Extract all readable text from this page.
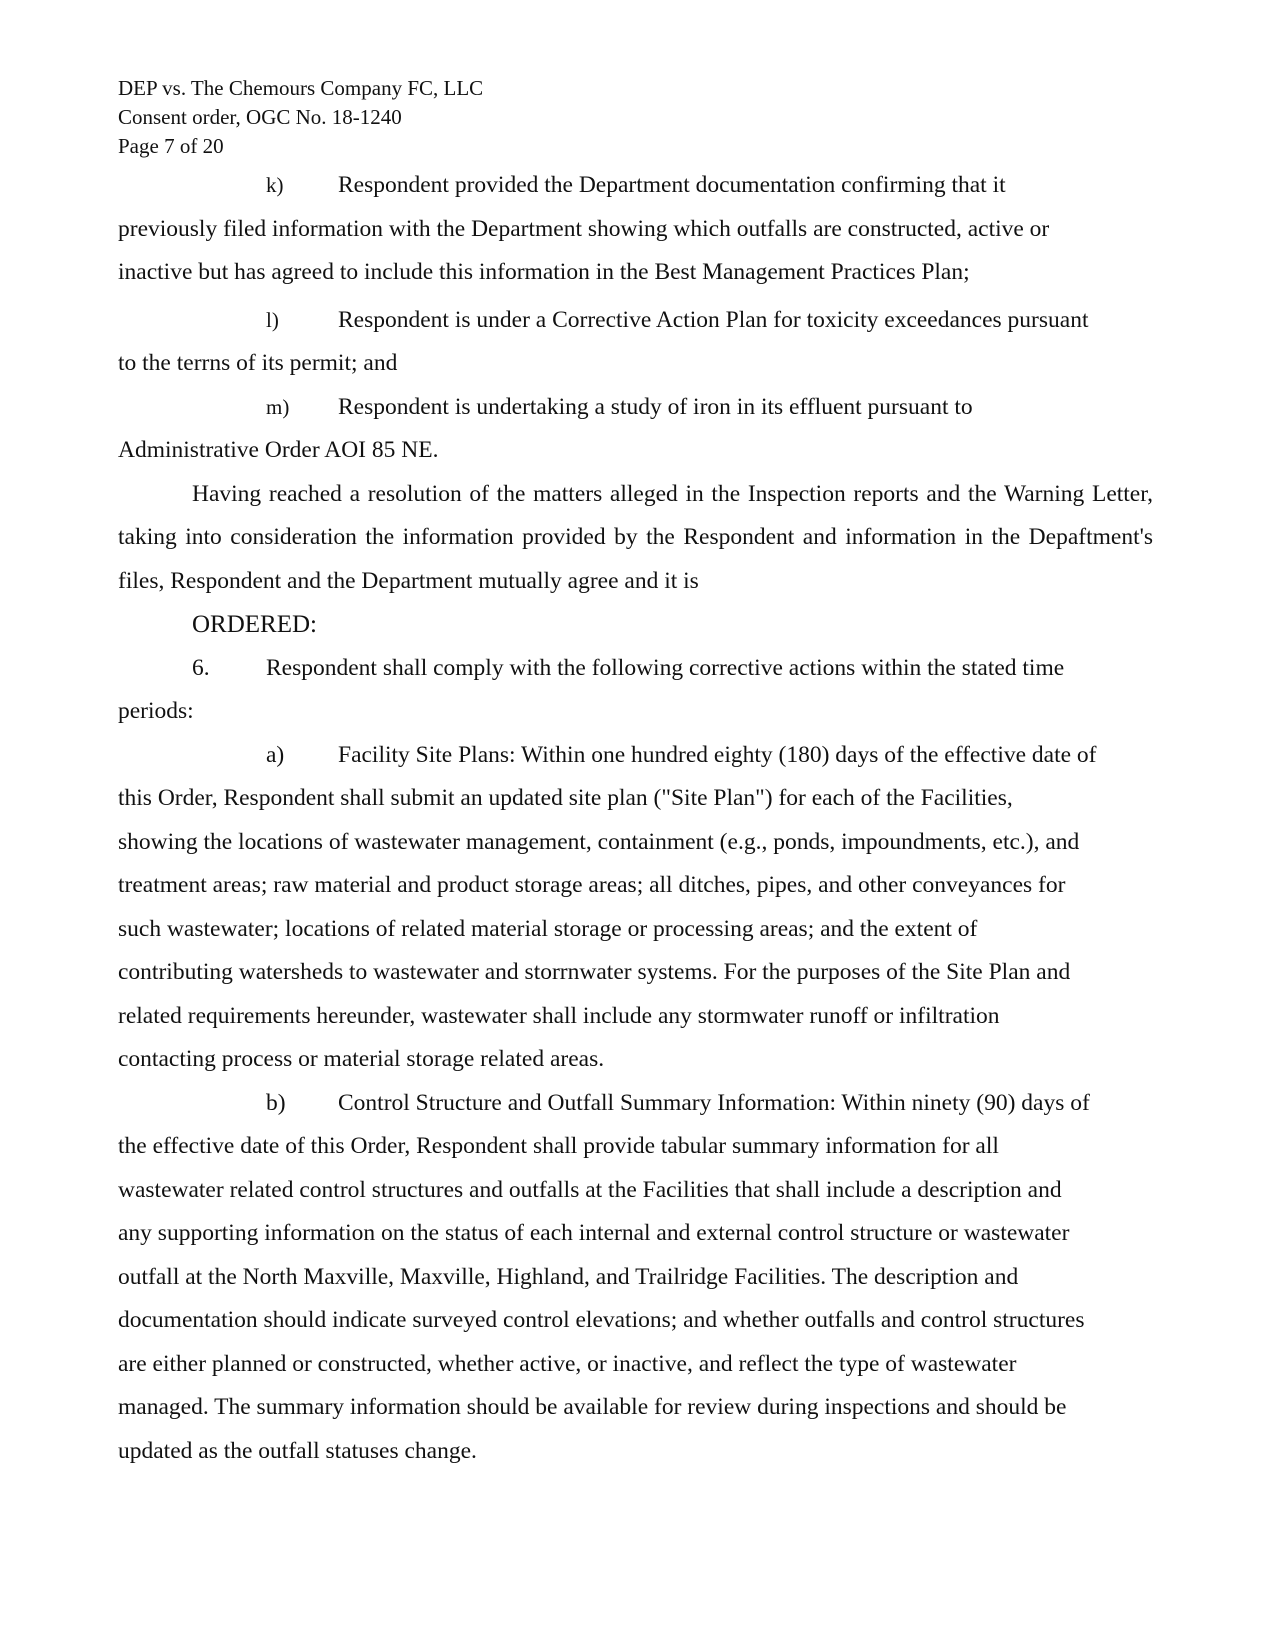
DEP vs. The Chemours Company FC, LLC
Consent order, OGC No. 18-1240
Page 7 of 20
k)	Respondent provided the Department documentation confirming that it
previously filed information with the Department showing which outfalls are constructed, active or
inactive but has agreed to include this information in the Best Management Practices Plan;
l)	Respondent is under a Corrective Action Plan for toxicity exceedances pursuant
to the terrns of its permit; and
m)	Respondent is undertaking a study of iron in its effluent pursuant to
Administrative Order AOI 85 NE.

Having reached a resolution of the matters alleged in the Inspection reports and the Warning Letter, taking into consideration the information provided by the Respondent and information in the Depaftment's files, Respondent and the Department mutually agree and it is

ORDERED:

6.	Respondent shall comply with the following corrective actions within the stated time
periods:
a)	Facility Site Plans: Within one hundred eighty (180) days of the effective date of
this Order, Respondent shall submit an updated site plan ("Site Plan") for each of the Facilities,
showing the locations of wastewater management, containment (e.g., ponds, impoundments, etc.), and
treatment areas; raw material and product storage areas; all ditches, pipes, and other conveyances for
such wastewater; locations of related material storage or processing areas; and the extent of
contributing watersheds to wastewater and storrnwater systems. For the purposes of the Site Plan and
related requirements hereunder, wastewater shall include any stormwater runoff or infiltration
contacting process or material storage related areas.
b)	Control Structure and Outfall Summary Information: Within ninety (90) days of
the effective date of this Order, Respondent shall provide tabular summary information for all
wastewater related control structures and outfalls at the Facilities that shall include a description and
any supporting information on the status of each internal and external control structure or wastewater
outfall at the North Maxville, Maxville, Highland, and Trailridge Facilities. The description and
documentation should indicate surveyed control elevations; and whether outfalls and control structures
are either planned or constructed, whether active, or inactive, and reflect the type of wastewater
managed. The summary information should be available for review during inspections and should be
updated as the outfall statuses change.
